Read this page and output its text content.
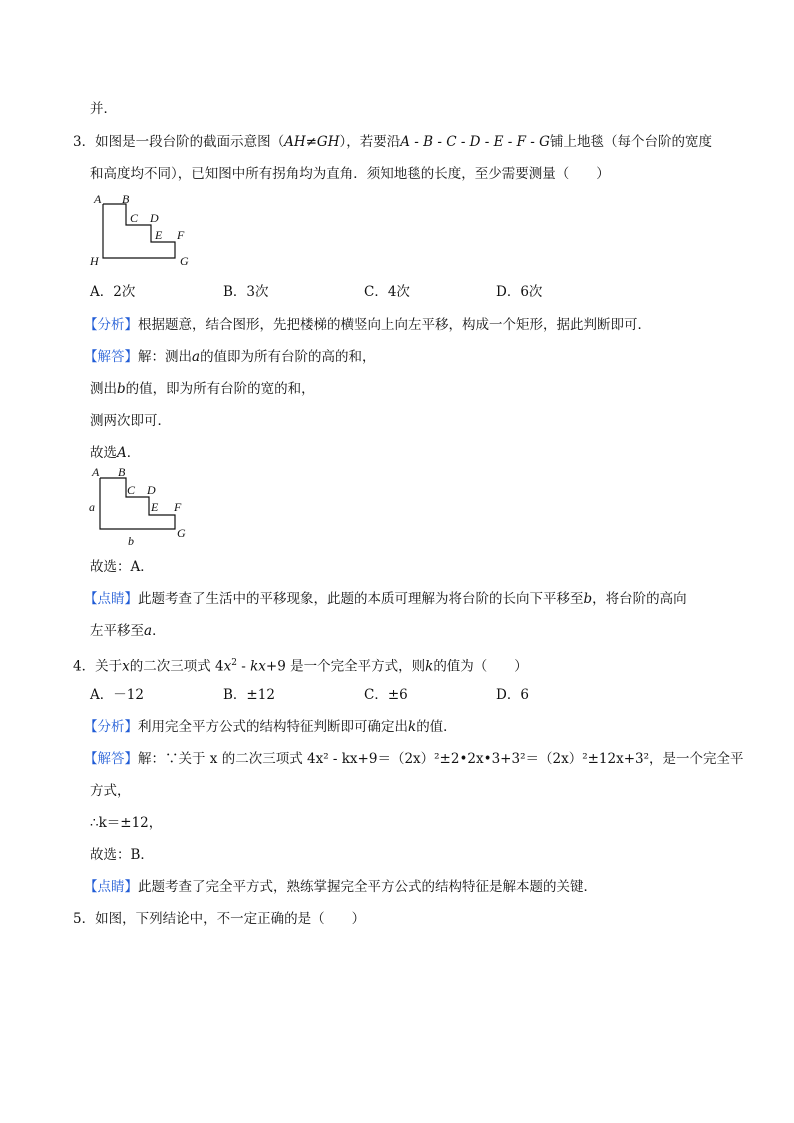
并．
3．如图是一段台阶的截面示意图（AH≠GH），若要沿A - B - C - D - E - F - G铺上地毯（每个台阶的宽度
和高度均不同），已知图中所有拐角均为直角．须知地毯的长度，至少需要测量（　　）
A B
C D
E F
H	G
A．2次	B．3次	C．4次	D．6次
【分析】根据题意，结合图形，先把楼梯的横竖向上向左平移，构成一个矩形，据此判断即可．
【解答】解：测出a的值即为所有台阶的高的和，
测出b的值，即为所有台阶的宽的和，
测两次即可．
故选A．
A B
C D
E F
G
a
b
故选：A．
【点睛】此题考查了生活中的平移现象，此题的本质可理解为将台阶的长向下平移至b，将台阶的高向
左平移至a．
4．关于x的二次三项式 $4x^2 - kx+9$ 是一个完全平方式，则k的值为（　　）
A．－12	B．±12	C．±6	D．6
【分析】利用完全平方公式的结构特征判断即可确定出k的值．
【解答】解：∵关于 x 的二次三项式 4x² - kx+9＝（2x）²±2•2x•3+3²＝（2x）²±12x+3²，是一个完全平
方式，
∴k＝±12，
故选：B．
【点睛】此题考查了完全平方式，熟练掌握完全平方公式的结构特征是解本题的关键．
5．如图，下列结论中，不一定正确的是（　　）
